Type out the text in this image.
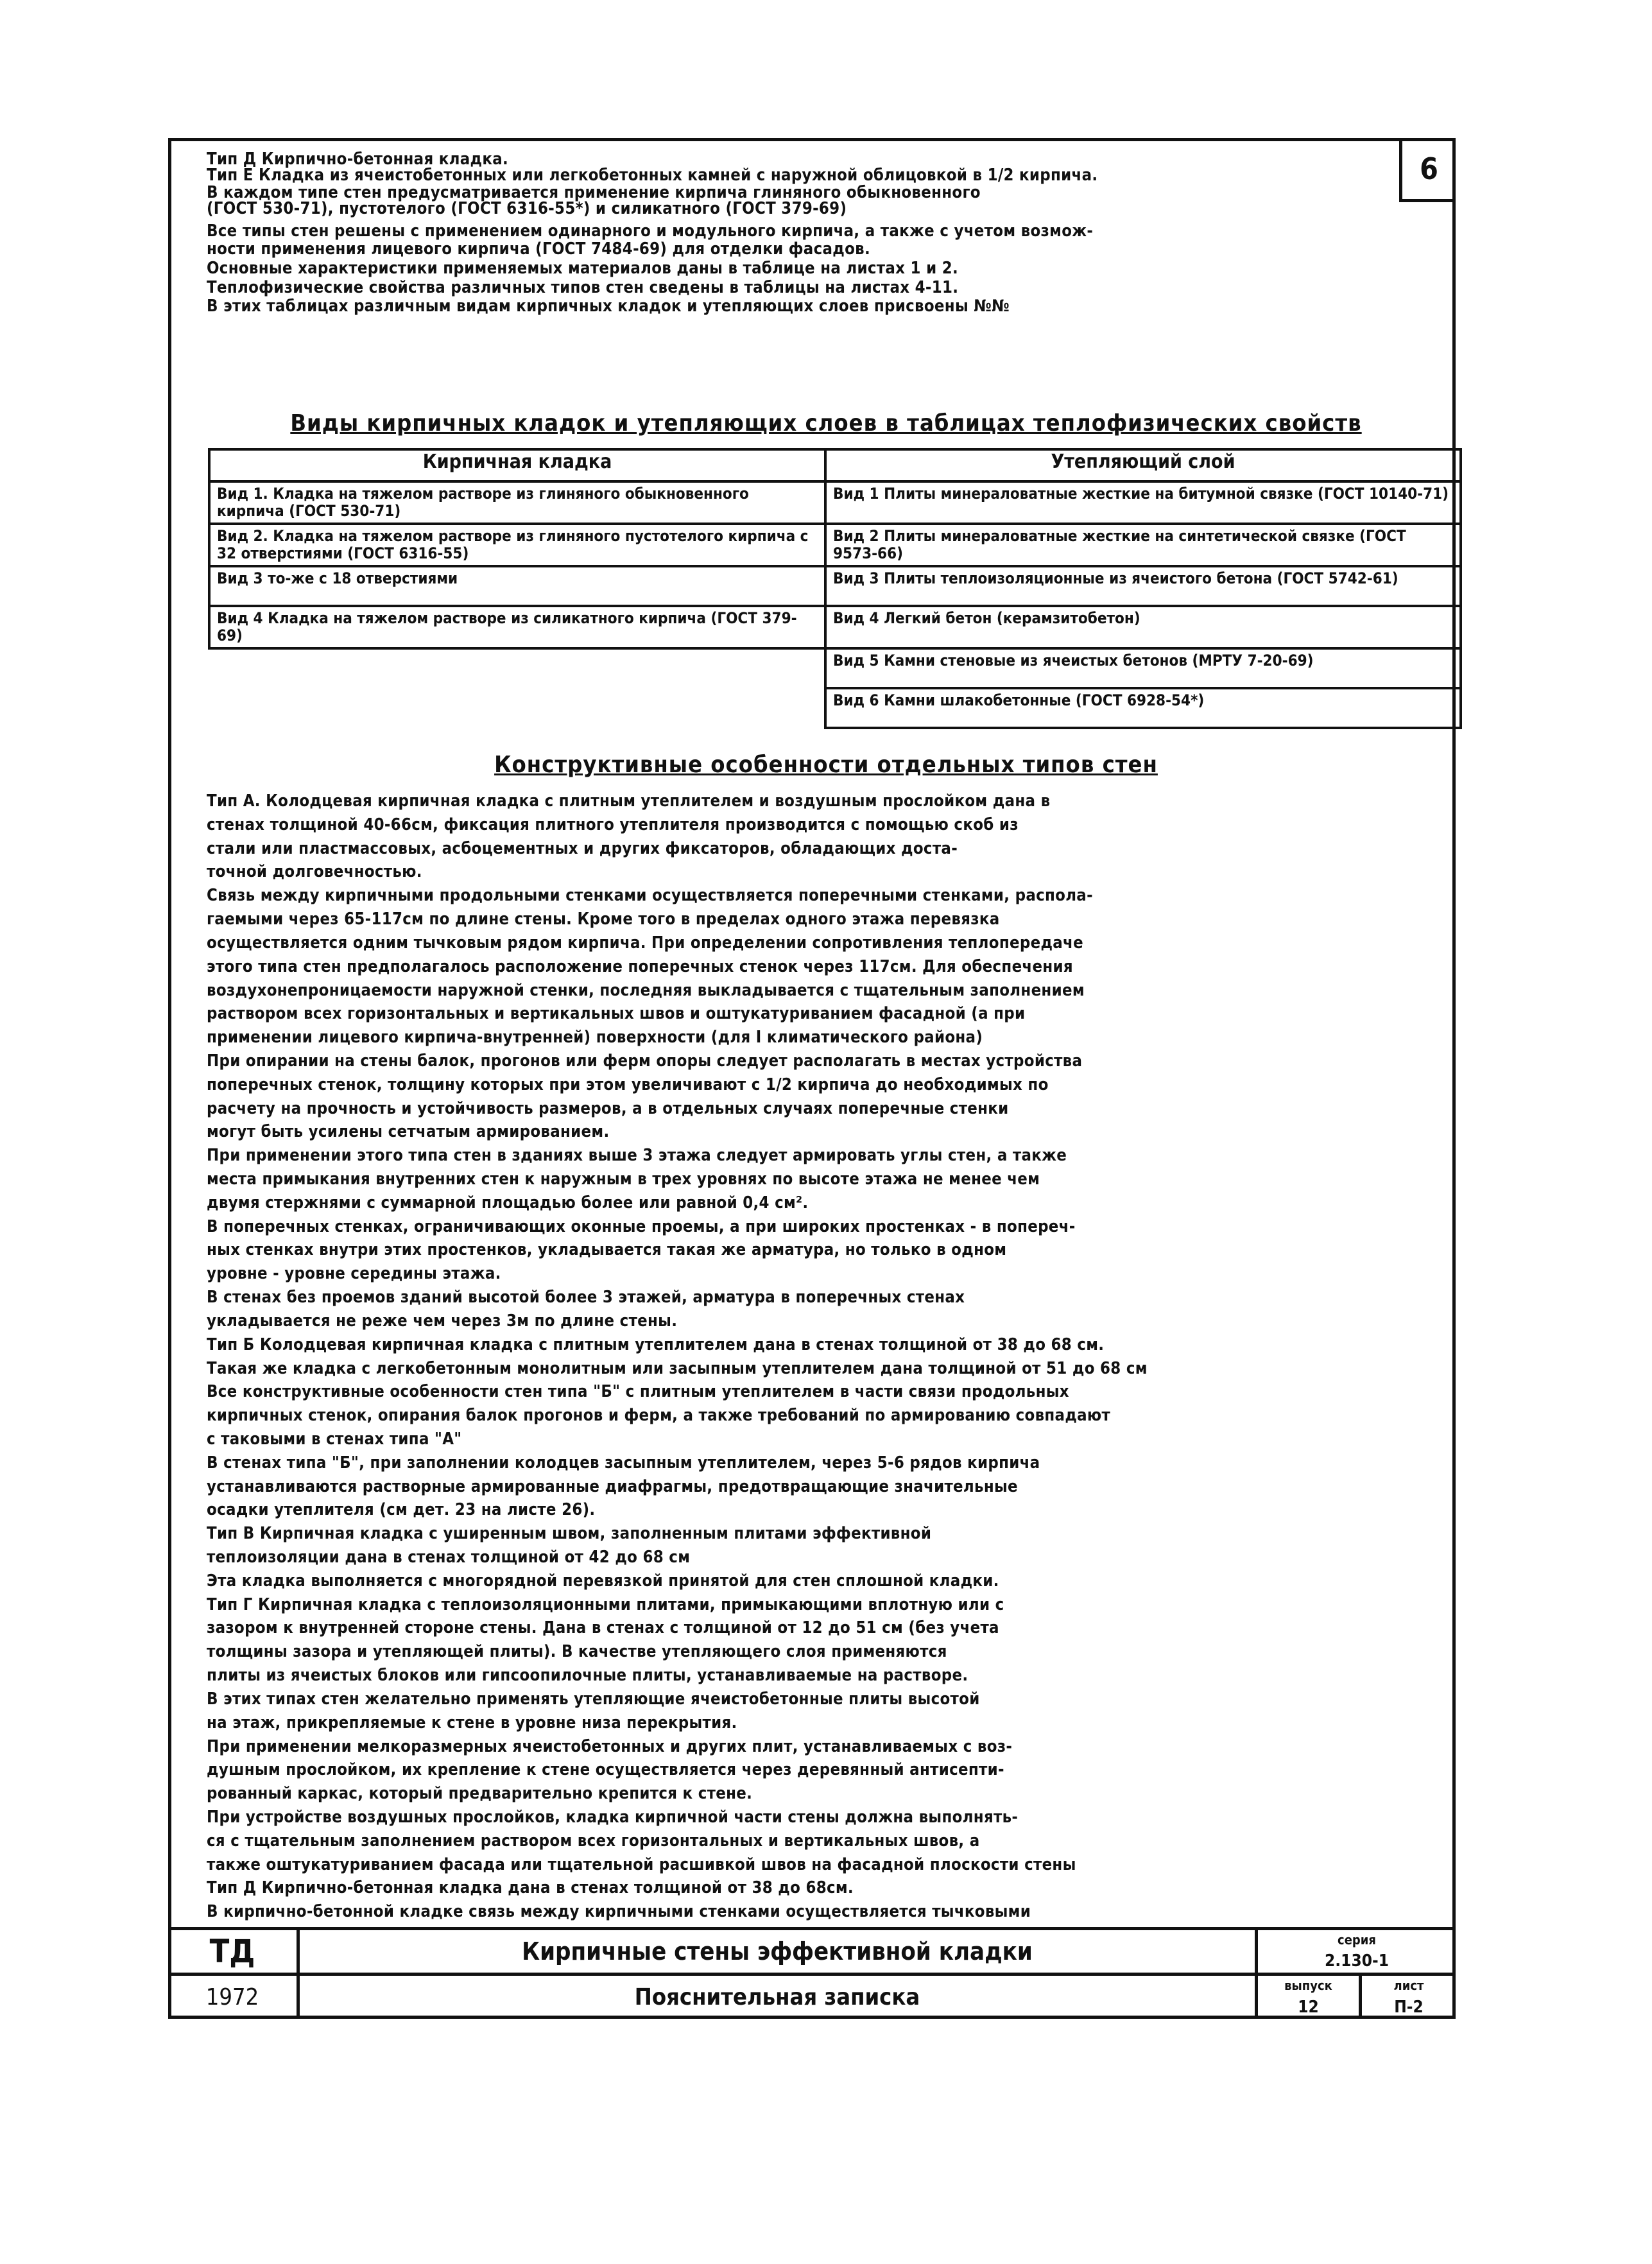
6
Тип Д Кирпично-бетонная кладка.
Тип Е Кладка из ячеистобетонных или легкобетонных камней с наружной облицовкой в 1/2 кирпича.
В каждом типе стен предусматривается применение кирпича глиняного обыкновенного
(ГОСТ 530-71), пустотелого (ГОСТ 6316-55*) и силикатного (ГОСТ 379-69)
Все типы стен решены с применением одинарного и модульного кирпича, а также с учетом возмож-
ности применения лицевого кирпича (ГОСТ 7484-69) для отделки фасадов.
Основные характеристики применяемых материалов даны в таблице на листах 1 и 2.
Теплофизические свойства различных типов стен сведены в таблицы на листах 4-11.
В этих таблицах различным видам кирпичных кладок и утепляющих слоев присвоены №№
Виды кирпичных кладок и утепляющих слоев в таблицах теплофизических свойств
Кирпичная кладка	Утепляющий слой
Вид 1. Кладка на тяжелом растворе из глиняного обыкновенного кирпича (ГОСТ 530-71)	Вид 1 Плиты минераловатные жесткие на битумной связке (ГОСТ 10140-71)
Вид 2. Кладка на тяжелом растворе из глиняного пустотелого кирпича с 32 отверстиями (ГОСТ 6316-55)	Вид 2 Плиты минераловатные жесткие на синтетической связке (ГОСТ 9573-66)
Вид 3 то-же с 18 отверстиями	Вид 3 Плиты теплоизоляционные из ячеистого бетона (ГОСТ 5742-61)
Вид 4 Кладка на тяжелом растворе из силикатного кирпича (ГОСТ 379-69)	Вид 4 Легкий бетон (керамзитобетон)
	Вид 5 Камни стеновые из ячеистых бетонов (МРТУ 7-20-69)
	Вид 6 Камни шлакобетонные (ГОСТ 6928-54*)
Конструктивные особенности отдельных типов стен
Тип А. Колодцевая кирпичная кладка с плитным утеплителем и воздушным прослойком дана в
стенах толщиной 40-66см, фиксация плитного утеплителя производится с помощью скоб из
стали или пластмассовых, асбоцементных и других фиксаторов, обладающих доста-
точной долговечностью.
Связь между кирпичными продольными стенками осуществляется поперечными стенками, распола-
гаемыми через 65-117см по длине стены. Кроме того в пределах одного этажа перевязка
осуществляется одним тычковым рядом кирпича. При определении сопротивления теплопередаче
этого типа стен предполагалось расположение поперечных стенок через 117см. Для обеспечения
воздухонепроницаемости наружной стенки, последняя выкладывается с тщательным заполнением
раствором всех горизонтальных и вертикальных швов и оштукатуриванием фасадной (а при
применении лицевого кирпича-внутренней) поверхности (для I климатического района)
При опирании на стены балок, прогонов или ферм опоры следует располагать в местах устройства
поперечных стенок, толщину которых при этом увеличивают с 1/2 кирпича до необходимых по
расчету на прочность и устойчивость размеров, а в отдельных случаях поперечные стенки
могут быть усилены сетчатым армированием.
При применении этого типа стен в зданиях выше 3 этажа следует армировать углы стен, а также
места примыкания внутренних стен к наружным в трех уровнях по высоте этажа не менее чем
двумя стержнями с суммарной площадью более или равной 0,4 см².
В поперечных стенках, ограничивающих оконные проемы, а при широких простенках - в попереч-
ных стенках внутри этих простенков, укладывается такая же арматура, но только в одном
уровне - уровне середины этажа.
В стенах без проемов зданий высотой более 3 этажей, арматура в поперечных стенах
укладывается не реже чем через 3м по длине стены.
Тип Б Колодцевая кирпичная кладка с плитным утеплителем дана в стенах толщиной от 38 до 68 см.
Такая же кладка с легкобетонным монолитным или засыпным утеплителем дана толщиной от 51 до 68 см
Все конструктивные особенности стен типа "Б" с плитным утеплителем в части связи продольных
кирпичных стенок, опирания балок прогонов и ферм, а также требований по армированию совпадают
с таковыми в стенах типа "А"
В стенах типа "Б", при заполнении колодцев засыпным утеплителем, через 5-6 рядов кирпича
устанавливаются растворные армированные диафрагмы, предотвращающие значительные
осадки утеплителя (см дет. 23 на листе 26).
Тип В Кирпичная кладка с уширенным швом, заполненным плитами эффективной
теплоизоляции дана в стенах толщиной от 42 до 68 см
Эта кладка выполняется с многорядной перевязкой принятой для стен сплошной кладки.
Тип Г Кирпичная кладка с теплоизоляционными плитами, примыкающими вплотную или с
зазором к внутренней стороне стены. Дана в стенах с толщиной от 12 до 51 см (без учета
толщины зазора и утепляющей плиты). В качестве утепляющего слоя применяются
плиты из ячеистых блоков или гипсоопилочные плиты, устанавливаемые на растворе.
В этих типах стен желательно применять утепляющие ячеистобетонные плиты высотой
на этаж, прикрепляемые к стене в уровне низа перекрытия.
При применении мелкоразмерных ячеистобетонных и других плит, устанавливаемых с воз-
душным прослойком, их крепление к стене осуществляется через деревянный антисепти-
рованный каркас, который предварительно крепится к стене.
При устройстве воздушных прослойков, кладка кирпичной части стены должна выполнять-
ся с тщательным заполнением раствором всех горизонтальных и вертикальных швов, а
также оштукатуриванием фасада или тщательной расшивкой швов на фасадной плоскости стены
Тип Д Кирпично-бетонная кладка дана в стенах толщиной от 38 до 68см.
В кирпично-бетонной кладке связь между кирпичными стенками осуществляется тычковыми
ТД
1972
Кирпичные стены эффективной кладки
Пояснительная записка
серия
2.130-1
выпуск
12
лист
П-2
